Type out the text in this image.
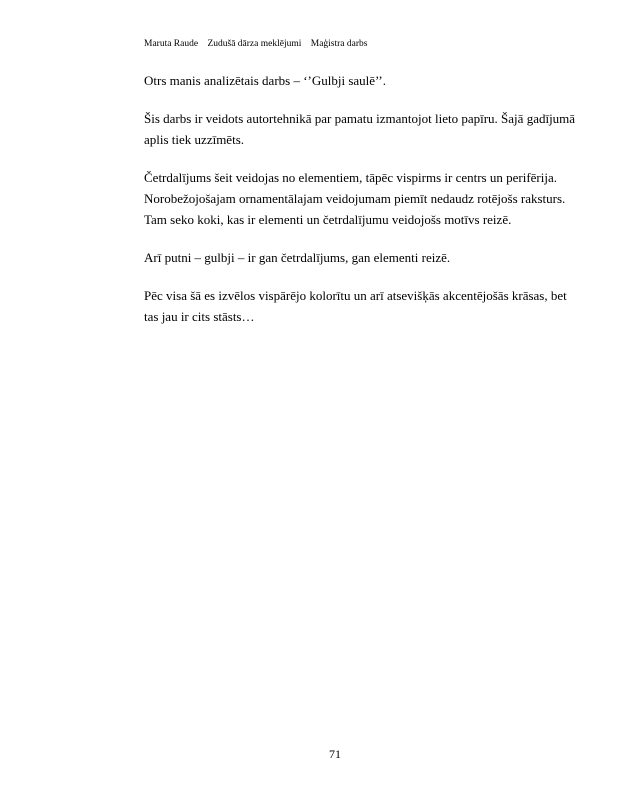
Maruta Raude Zudušā dārza meklējumi Maģistra darbs

Otrs manis analizētais darbs – ‘’Gulbji saulē’’.

Šis darbs ir veidots autortehnikā par pamatu izmantojot lieto papīru. Šajā gadījumā aplis tiek uzzīmēts.

Četrdalījums šeit veidojas no elementiem, tāpēc vispirms ir centrs un perifērija. Norobežojošajam ornamentālajam veidojumam piemīt nedaudz rotējošs raksturs. Tam seko koki, kas ir elementi un četrdalījumu veidojošs motīvs reizē.

Arī putni – gulbji – ir gan četrdalījums, gan elementi reizē.

Pēc visa šā es izvēlos vispārējo kolorītu un arī atsevišķās akcentējošās krāsas, bet tas jau ir cits stāsts…

71
